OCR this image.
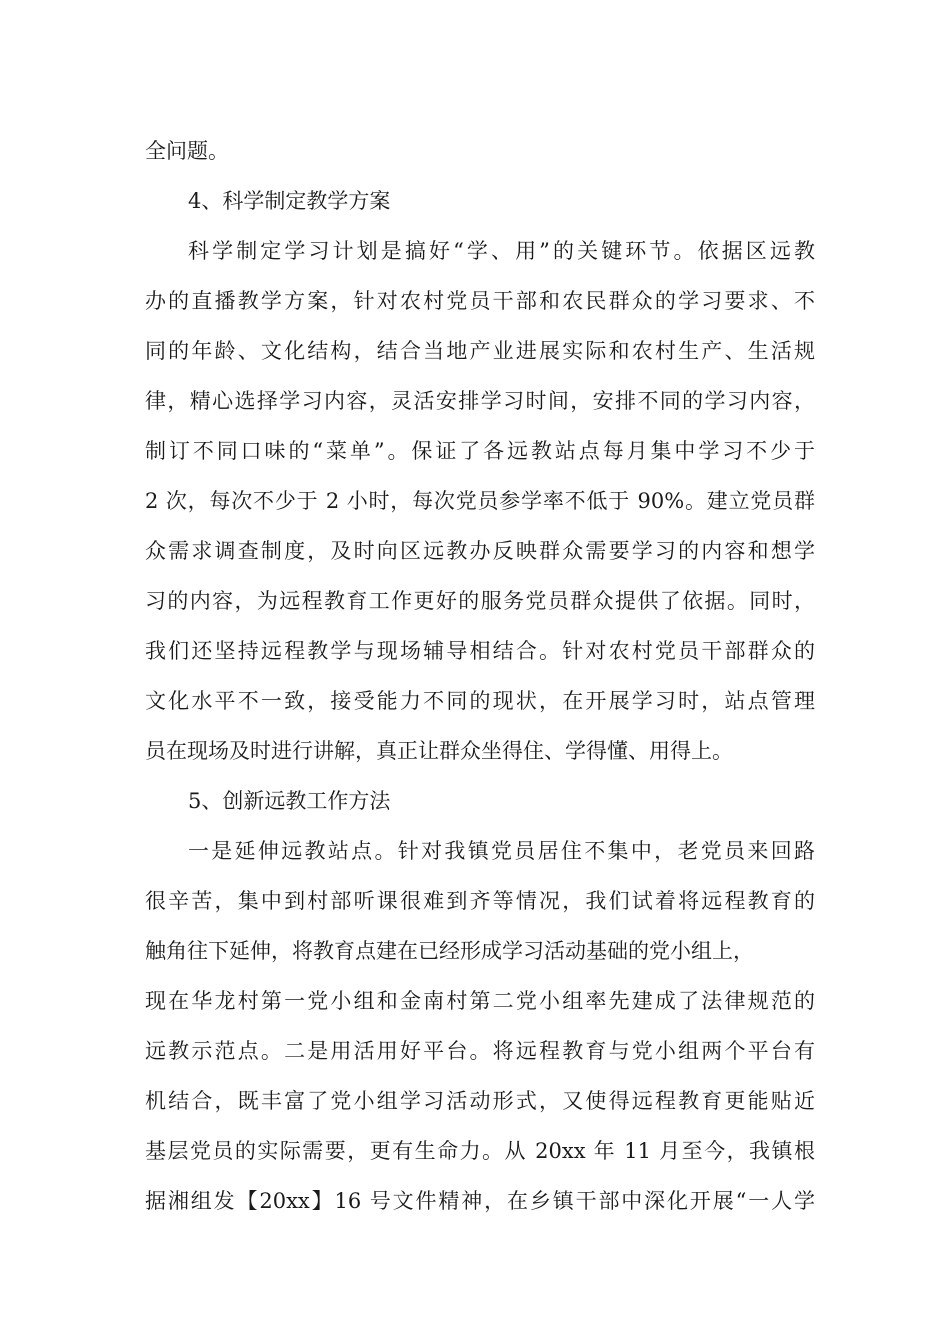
全问题。
4、科学制定教学方案
科学制定学习计划是搞好“学、用”的关键环节。依据区远教
办的直播教学方案，针对农村党员干部和农民群众的学习要求、不
同的年龄、文化结构，结合当地产业进展实际和农村生产、生活规
律，精心选择学习内容，灵活安排学习时间，安排不同的学习内容，
制订不同口味的“菜单”。保证了各远教站点每月集中学习不少于
2 次，每次不少于 2 小时，每次党员参学率不低于 90%。建立党员群
众需求调查制度，及时向区远教办反映群众需要学习的内容和想学
习的内容，为远程教育工作更好的服务党员群众提供了依据。同时，
我们还坚持远程教学与现场辅导相结合。针对农村党员干部群众的
文化水平不一致，接受能力不同的现状，在开展学习时，站点管理
员在现场及时进行讲解，真正让群众坐得住、学得懂、用得上。
5、创新远教工作方法
一是延伸远教站点。针对我镇党员居住不集中，老党员来回路
很辛苦，集中到村部听课很难到齐等情况，我们试着将远程教育的
触角往下延伸，将教育点建在已经形成学习活动基础的党小组上，
现在华龙村第一党小组和金南村第二党小组率先建成了法律规范的
远教示范点。二是用活用好平台。将远程教育与党小组两个平台有
机结合，既丰富了党小组学习活动形式，又使得远程教育更能贴近
基层党员的实际需要，更有生命力。从 20xx 年 11 月至今，我镇根
据湘组发【20xx】16 号文件精神，在乡镇干部中深化开展“一人学
